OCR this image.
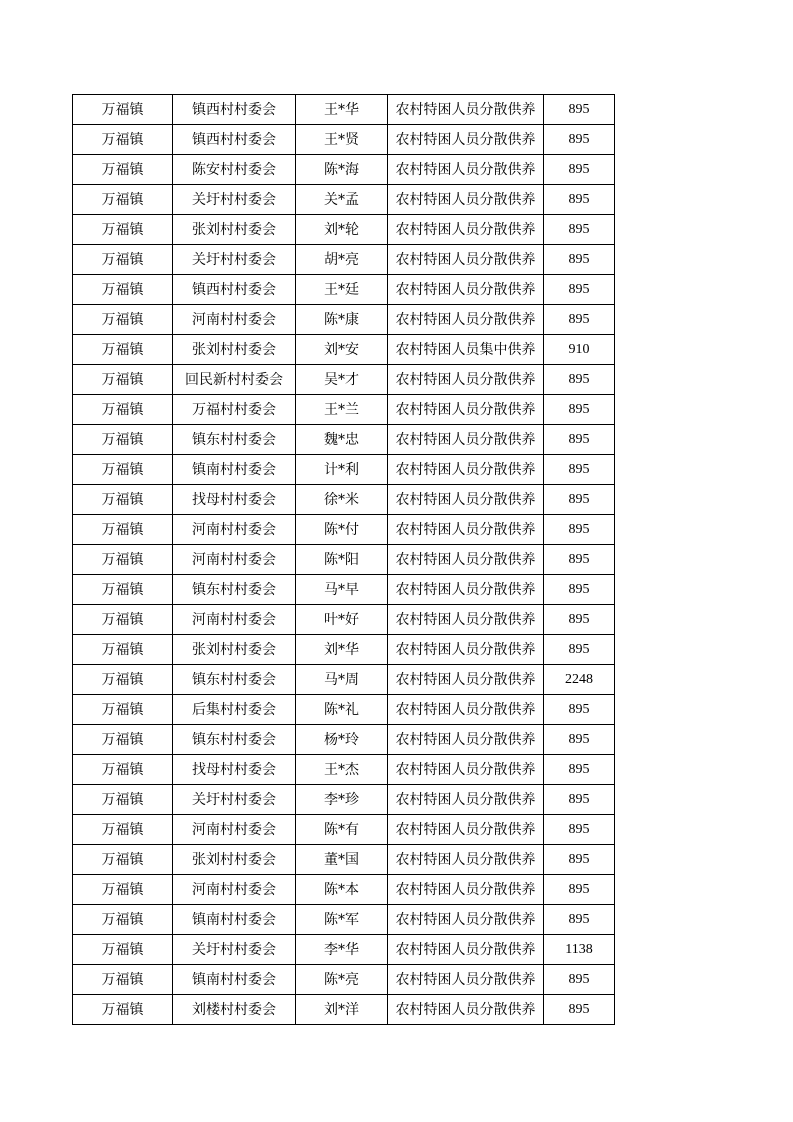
万福镇	镇西村村委会	王*华	农村特困人员分散供养	895
万福镇	镇西村村委会	王*贤	农村特困人员分散供养	895
万福镇	陈安村村委会	陈*海	农村特困人员分散供养	895
万福镇	关圩村村委会	关*孟	农村特困人员分散供养	895
万福镇	张刘村村委会	刘*轮	农村特困人员分散供养	895
万福镇	关圩村村委会	胡*亮	农村特困人员分散供养	895
万福镇	镇西村村委会	王*廷	农村特困人员分散供养	895
万福镇	河南村村委会	陈*康	农村特困人员分散供养	895
万福镇	张刘村村委会	刘*安	农村特困人员集中供养	910
万福镇	回民新村村委会	吴*才	农村特困人员分散供养	895
万福镇	万福村村委会	王*兰	农村特困人员分散供养	895
万福镇	镇东村村委会	魏*忠	农村特困人员分散供养	895
万福镇	镇南村村委会	计*利	农村特困人员分散供养	895
万福镇	找母村村委会	徐*米	农村特困人员分散供养	895
万福镇	河南村村委会	陈*付	农村特困人员分散供养	895
万福镇	河南村村委会	陈*阳	农村特困人员分散供养	895
万福镇	镇东村村委会	马*早	农村特困人员分散供养	895
万福镇	河南村村委会	叶*好	农村特困人员分散供养	895
万福镇	张刘村村委会	刘*华	农村特困人员分散供养	895
万福镇	镇东村村委会	马*周	农村特困人员分散供养	2248
万福镇	后集村村委会	陈*礼	农村特困人员分散供养	895
万福镇	镇东村村委会	杨*玲	农村特困人员分散供养	895
万福镇	找母村村委会	王*杰	农村特困人员分散供养	895
万福镇	关圩村村委会	李*珍	农村特困人员分散供养	895
万福镇	河南村村委会	陈*有	农村特困人员分散供养	895
万福镇	张刘村村委会	董*国	农村特困人员分散供养	895
万福镇	河南村村委会	陈*本	农村特困人员分散供养	895
万福镇	镇南村村委会	陈*军	农村特困人员分散供养	895
万福镇	关圩村村委会	李*华	农村特困人员分散供养	1138
万福镇	镇南村村委会	陈*亮	农村特困人员分散供养	895
万福镇	刘楼村村委会	刘*洋	农村特困人员分散供养	895
